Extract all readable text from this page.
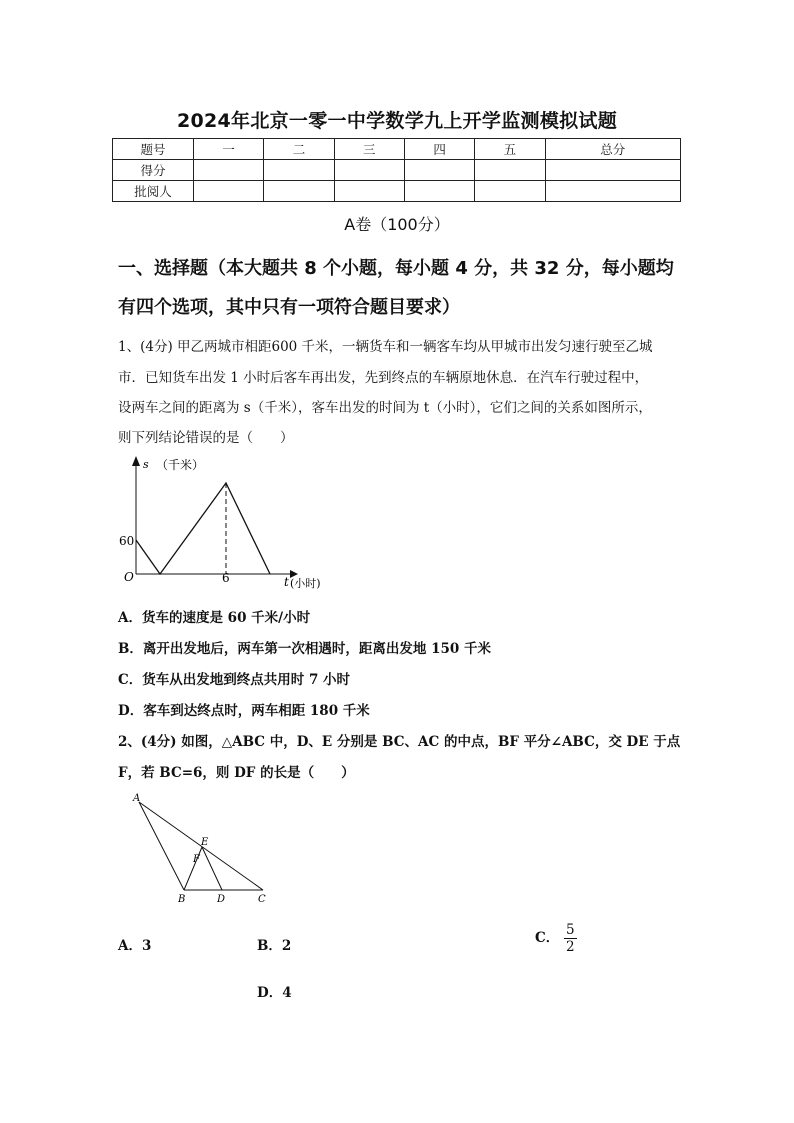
2024年北京一零一中学数学九上开学监测模拟试题
题号	一	二	三	四	五	总分
得分						
批阅人						
A卷（100分）
一、选择题（本大题共 8 个小题，每小题 4 分，共 32 分，每小题均
有四个选项，其中只有一项符合题目要求）
1、(4分) 甲乙两城市相距600 千米，一辆货车和一辆客车均从甲城市出发匀速行驶至乙城
市．已知货车出发 1 小时后客车再出发，先到终点的车辆原地休息．在汽车行驶过程中，
设两车之间的距离为 s（千米），客车出发的时间为 t（小时），它们之间的关系如图所示，
则下列结论错误的是（　　）
s （千米）
60
O	6	t (小时)
A．货车的速度是 60 千米/小时
B．离开出发地后，两车第一次相遇时，距离出发地 150 千米
C．货车从出发地到终点共用时 7 小时
D．客车到达终点时，两车相距 180 千米
2、(4分) 如图，△ABC 中，D、E 分别是 BC、AC 的中点，BF 平分∠ABC，交 DE 于点
F，若 BC=6，则 DF 的长是（　　）
A
E
F
B	D	C
A．3	B．2	C． $\frac{5}{2}$
D．4
